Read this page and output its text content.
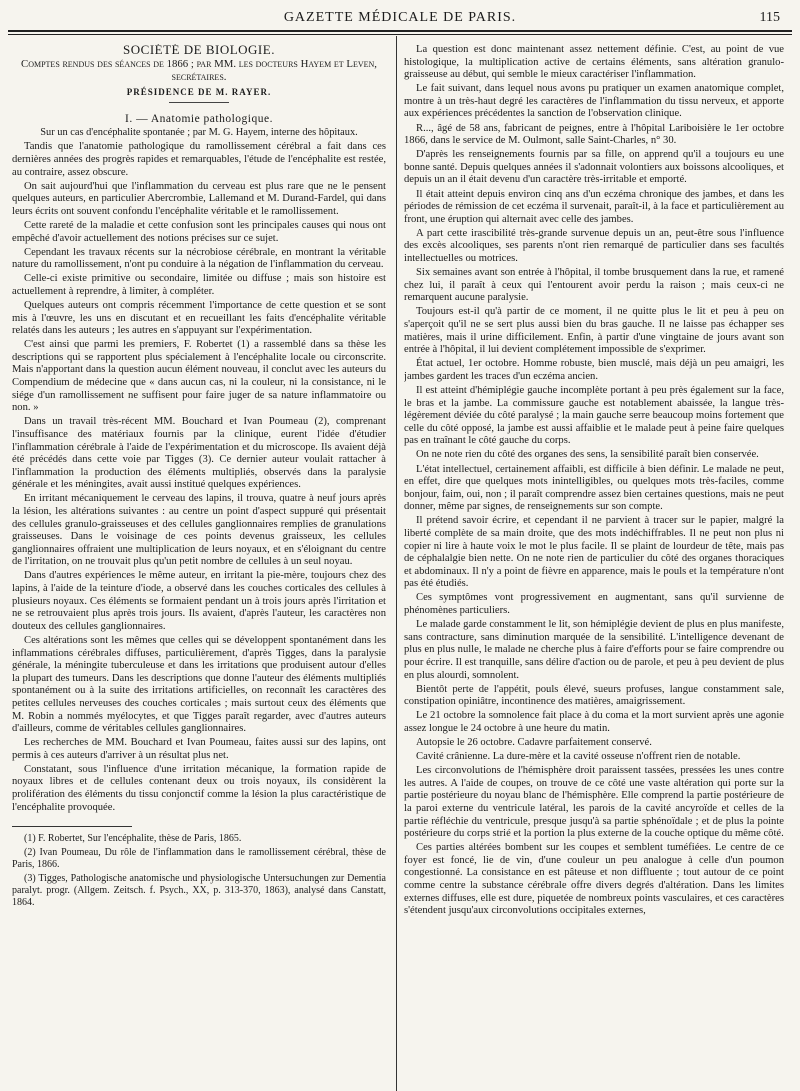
GAZETTE MÉDICALE DE PARIS.	115

SOCIÉTÉ DE BIOLOGIE.

Comptes rendus des séances de 1866 ; par MM. les docteurs Hayem et Leven, secrétaires.

PRÉSIDENCE DE M. RAYER.

I. — Anatomie pathologique.

Sur un cas d'encéphalite spontanée ; par M. G. Hayem, interne des hôpitaux.

Tandis que l'anatomie pathologique du ramollissement cérébral a fait dans ces dernières années des progrès rapides et remarquables, l'étude de l'encéphalite est restée, au contraire, assez obscure.

On sait aujourd'hui que l'inflammation du cerveau est plus rare que ne le pensent quelques auteurs, en particulier Abercrombie, Lallemand et M. Durand-Fardel, qui dans leurs écrits ont souvent confondu l'encéphalite véritable et le ramollissement.

Cette rareté de la maladie et cette confusion sont les principales causes qui nous ont empêché d'avoir actuellement des notions précises sur ce sujet.

Cependant les travaux récents sur la nécrobiose cérébrale, en montrant la véritable nature du ramollissement, n'ont pu conduire à la négation de l'inflammation du cerveau.

Celle-ci existe primitive ou secondaire, limitée ou diffuse ; mais son histoire est actuellement à reprendre, à limiter, à compléter.

Quelques auteurs ont compris récemment l'importance de cette question et se sont mis à l'œuvre, les uns en discutant et en recueillant les faits d'encéphalite véritable relatés dans les auteurs ; les autres en s'appuyant sur l'expérimentation.

C'est ainsi que parmi les premiers, F. Robertet (1) a rassemblé dans sa thèse les descriptions qui se rapportent plus spécialement à l'encéphalite locale ou circonscrite. Mais n'apportant dans la question aucun élément nouveau, il conclut avec les auteurs du Compendium de médecine que « dans aucun cas, ni la couleur, ni la consistance, ni le siége d'un ramollissement ne suffisent pour faire juger de sa nature inflammatoire ou non. »

Dans un travail très-récent MM. Bouchard et Ivan Poumeau (2), comprenant l'insuffisance des matériaux fournis par la clinique, eurent l'idée d'étudier l'inflammation cérébrale à l'aide de l'expérimentation et du microscope. Ils avaient déjà été précédés dans cette voie par Tigges (3). Ce dernier auteur voulait rattacher à l'inflammation la production des éléments multipliés, observés dans la paralysie générale et les méningites, avait aussi institué quelques expériences.

En irritant mécaniquement le cerveau des lapins, il trouva, quatre à neuf jours après la lésion, les altérations suivantes : au centre un point d'aspect suppuré qui présentait des cellules granulo-graisseuses et des cellules ganglionnaires remplies de granulations graisseuses. Dans le voisinage de ces points devenus graisseux, les cellules ganglionnaires offraient une multiplication de leurs noyaux, et en s'éloignant du centre de l'irritation, on ne trouvait plus qu'un petit nombre de cellules à un seul noyau.

Dans d'autres expériences le même auteur, en irritant la pie-mère, toujours chez des lapins, à l'aide de la teinture d'iode, a observé dans les couches corticales des cellules à plusieurs noyaux. Ces éléments se formaient pendant un à trois jours après l'irritation et ne se retrouvaient plus après trois jours. Ils avaient, d'après l'auteur, les caractères non douteux des cellules ganglionnaires.

Ces altérations sont les mêmes que celles qui se développent spontanément dans les inflammations cérébrales diffuses, particulièrement, d'après Tigges, dans la paralysie générale, la méningite tuberculeuse et dans les irritations que produisent autour d'elles la plupart des tumeurs. Dans les descriptions que donne l'auteur des éléments multipliés spontanément ou à la suite des irritations artificielles, on reconnaît les caractères des petites cellules nerveuses des couches corticales ; mais surtout ceux des éléments que M. Robin a nommés myélocytes, et que Tigges paraît regarder, avec d'autres auteurs d'ailleurs, comme de véritables cellules ganglionnaires.

Les recherches de MM. Bouchard et Ivan Poumeau, faites aussi sur des lapins, ont permis à ces auteurs d'arriver à un résultat plus net.

Constatant, sous l'influence d'une irritation mécanique, la formation rapide de noyaux libres et de cellules contenant deux ou trois noyaux, ils considèrent la prolifération des éléments du tissu conjonctif comme la lésion la plus caractéristique de l'encéphalite provoquée.

(1) F. Robertet, Sur l'encéphalite, thèse de Paris, 1865.

(2) Ivan Poumeau, Du rôle de l'inflammation dans le ramollissement cérébral, thèse de Paris, 1866.

(3) Tigges, Pathologische anatomische und physiologische Untersuchungen zur Dementia paralyt. progr. (Allgem. Zeitsch. f. Psych., XX, p. 313-370, 1863), analysé dans Canstatt, 1864.

La question est donc maintenant assez nettement définie. C'est, au point de vue histologique, la multiplication active de certains éléments, sans altération granulo-graisseuse au début, qui semble le mieux caractériser l'inflammation.

Le fait suivant, dans lequel nous avons pu pratiquer un examen anatomique complet, montre à un très-haut degré les caractères de l'inflammation du tissu nerveux, et apporte aux expériences précédentes la sanction de l'observation clinique.

R..., âgé de 58 ans, fabricant de peignes, entre à l'hôpital Lariboisière le 1er octobre 1866, dans le service de M. Oulmont, salle Saint-Charles, n° 30.

D'après les renseignements fournis par sa fille, on apprend qu'il a toujours eu une bonne santé. Depuis quelques années il s'adonnait volontiers aux boissons alcooliques, et depuis un an il était devenu d'un caractère très-irritable et emporté.

Il était atteint depuis environ cinq ans d'un eczéma chronique des jambes, et dans les périodes de rémission de cet eczéma il survenait, paraît-il, à la face et particulièrement au front, une éruption qui alternait avec celle des jambes.

A part cette irascibilité très-grande survenue depuis un an, peut-être sous l'influence des excès alcooliques, ses parents n'ont rien remarqué de particulier dans ses facultés intellectuelles ou motrices.

Six semaines avant son entrée à l'hôpital, il tombe brusquement dans la rue, et ramené chez lui, il paraît à ceux qui l'entourent avoir perdu la raison ; mais ceux-ci ne remarquent aucune paralysie.

Toujours est-il qu'à partir de ce moment, il ne quitte plus le lit et peu à peu on s'aperçoit qu'il ne se sert plus aussi bien du bras gauche. Il ne laisse pas échapper ses matières, mais il urine difficilement. Enfin, à partir d'une vingtaine de jours avant son entrée à l'hôpital, il lui devient complétement impossible de s'exprimer.

État actuel, 1er octobre. Homme robuste, bien musclé, mais déjà un peu amaigri, les jambes gardent les traces d'un eczéma ancien.

Il est atteint d'hémiplégie gauche incomplète portant à peu près également sur la face, le bras et la jambe. La commissure gauche est notablement abaissée, la langue très-légèrement déviée du côté paralysé ; la main gauche serre beaucoup moins fortement que celle du côté opposé, la jambe est aussi affaiblie et le malade peut à peine faire quelques pas en traînant le côté gauche du corps.

On ne note rien du côté des organes des sens, la sensibilité paraît bien conservée.

L'état intellectuel, certainement affaibli, est difficile à bien définir. Le malade ne peut, en effet, dire que quelques mots inintelligibles, ou quelques mots très-faciles, comme bonjour, faim, oui, non ; il paraît comprendre assez bien certaines questions, mais ne peut donner, même par signes, de renseignements sur son compte.

Il prétend savoir écrire, et cependant il ne parvient à tracer sur le papier, malgré la liberté complète de sa main droite, que des mots indéchiffrables. Il ne peut non plus ni copier ni lire à haute voix le mot le plus facile. Il se plaint de lourdeur de tête, mais pas de céphalalgie bien nette. On ne note rien de particulier du côté des organes thoraciques et abdominaux. Il n'y a point de fièvre en apparence, mais le pouls et la température n'ont pas été étudiés.

Ces symptômes vont progressivement en augmentant, sans qu'il survienne de phénomènes particuliers.

Le malade garde constamment le lit, son hémiplégie devient de plus en plus manifeste, sans contracture, sans diminution marquée de la sensibilité. L'intelligence devenant de plus en plus nulle, le malade ne cherche plus à faire d'efforts pour se faire comprendre ou pour écrire. Il est tranquille, sans délire d'action ou de parole, et peu à peu devient de plus en plus alourdi, somnolent.

Bientôt perte de l'appétit, pouls élevé, sueurs profuses, langue constamment sale, constipation opiniâtre, incontinence des matières, amaigrissement.

Le 21 octobre la somnolence fait place à du coma et la mort survient après une agonie assez longue le 24 octobre à une heure du matin.

Autopsie le 26 octobre. Cadavre parfaitement conservé.

Cavité crânienne. La dure-mère et la cavité osseuse n'offrent rien de notable.

Les circonvolutions de l'hémisphère droit paraissent tassées, pressées les unes contre les autres. A l'aide de coupes, on trouve de ce côté une vaste altération qui porte sur la partie postérieure du noyau blanc de l'hémisphère. Elle comprend la partie postérieure de la paroi externe du ventricule latéral, les parois de la cavité ancyroïde et celles de la partie réfléchie du ventricule, presque jusqu'à sa partie sphénoïdale ; et de plus la pointe postérieure du corps strié et la portion la plus externe de la couche optique du même côté.

Ces parties altérées bombent sur les coupes et semblent tuméfiées. Le centre de ce foyer est foncé, lie de vin, d'une couleur un peu analogue à celle d'un poumon congestionné. La consistance en est pâteuse et non diffluente ; tout autour de ce point comme centre la substance cérébrale offre divers degrés d'altération. Dans les limites externes diffuses, elle est dure, piquetée de nombreux points vasculaires, et ces caractères s'étendent jusqu'aux circonvolutions occipitales externes,
